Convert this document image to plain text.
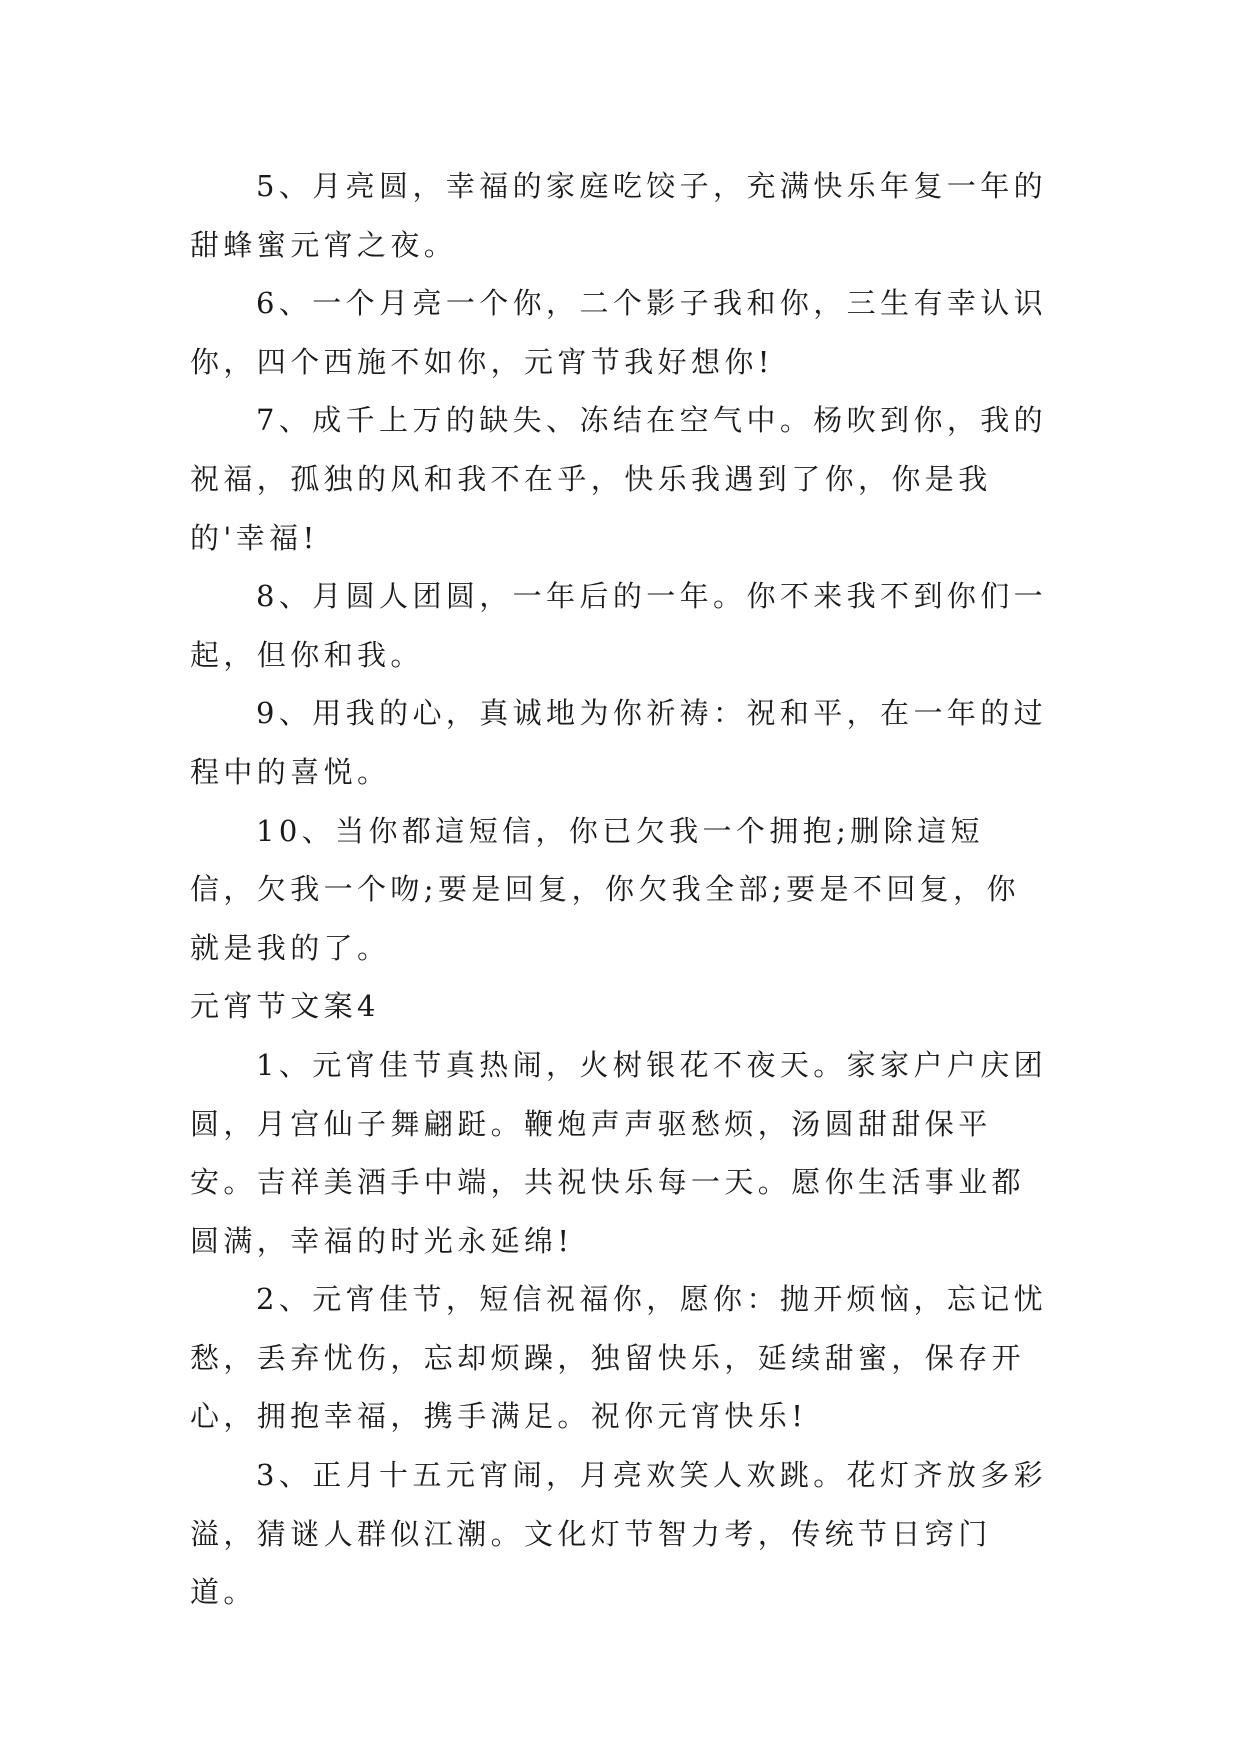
5、月亮圆，幸福的家庭吃饺子，充满快乐年复一年的甜蜂蜜元宵之夜。

6、一个月亮一个你，二个影子我和你，三生有幸认识你，四个西施不如你，元宵节我好想你!

7、成千上万的缺失、冻结在空气中。杨吹到你，我的祝福，孤独的风和我不在乎，快乐我遇到了你，你是我的'幸福!

8、月圆人团圆，一年后的一年。你不来我不到你们一起，但你和我。

9、用我的心，真诚地为你祈祷：祝和平，在一年的过程中的喜悦。

10、当你都這短信，你已欠我一个拥抱;删除這短信，欠我一个吻;要是回复，你欠我全部;要是不回复，你就是我的了。

元宵节文案4

1、元宵佳节真热闹，火树银花不夜天。家家户户庆团圆，月宫仙子舞翩跹。鞭炮声声驱愁烦，汤圆甜甜保平安。吉祥美酒手中端，共祝快乐每一天。愿你生活事业都圆满，幸福的时光永延绵!

2、元宵佳节，短信祝福你，愿你：抛开烦恼，忘记忧愁，丢弃忧伤，忘却烦躁，独留快乐，延续甜蜜，保存开心，拥抱幸福，携手满足。祝你元宵快乐!

3、正月十五元宵闹，月亮欢笑人欢跳。花灯齐放多彩溢，猜谜人群似江潮。文化灯节智力考，传统节日窍门道。
